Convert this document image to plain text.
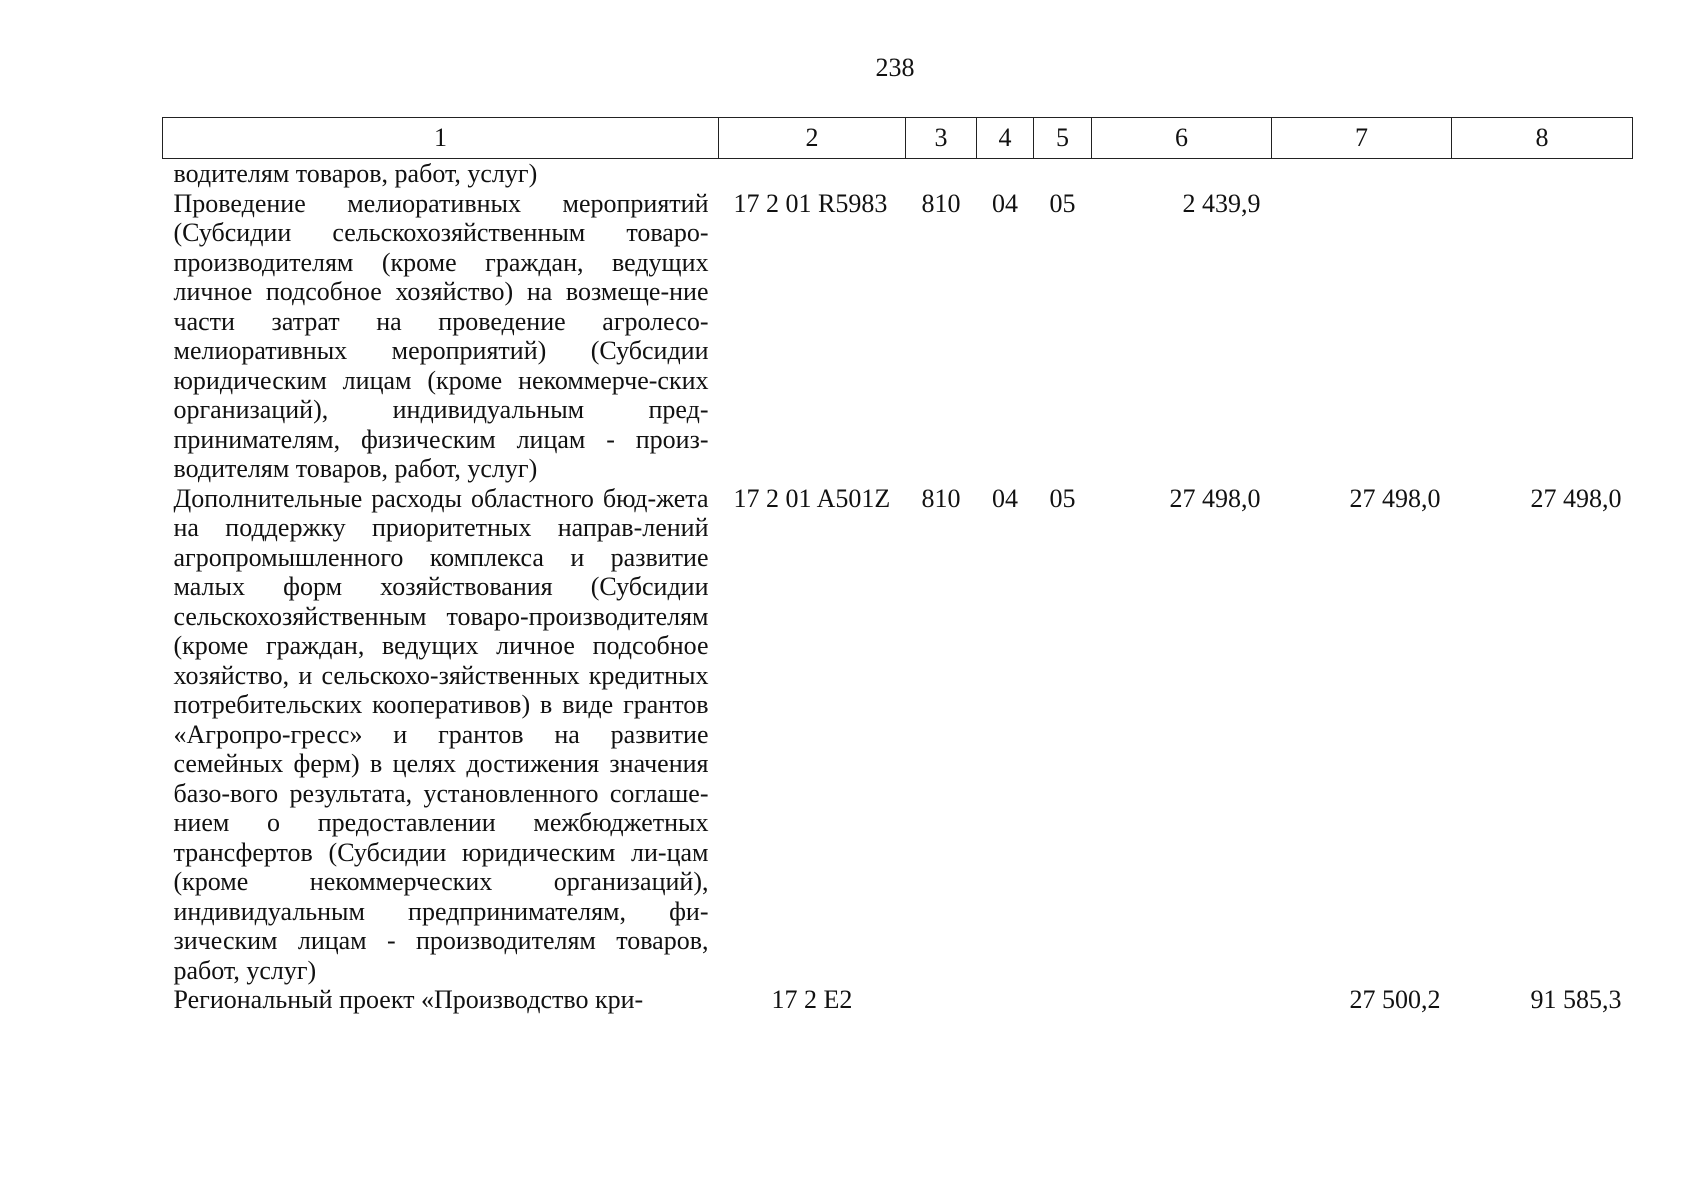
238
1	2	3	4	5	6	7	8
водителям товаров, работ, услуг)							
Проведение мелиоративных мероприятий (Субсидии сельскохозяйственным товаро-производителям (кроме граждан, ведущих личное подсобное хозяйство) на возмеще-ние части затрат на проведение агролесо-мелиоративных мероприятий) (Субсидии юридическим лицам (кроме некоммерче-ских организаций), индивидуальным пред-принимателям, физическим лицам - произ-водителям товаров, работ, услуг)	17 2 01 R5983	810	04	05	2 439,9		
Дополнительные расходы областного бюд-жета на поддержку приоритетных направ-лений агропромышленного комплекса и развитие малых форм хозяйствования (Субсидии сельскохозяйственным товаро-производителям (кроме граждан, ведущих личное подсобное хозяйство, и сельскохо-зяйственных кредитных потребительских кооперативов) в виде грантов «Агропро-гресс» и грантов на развитие семейных ферм) в целях достижения значения базо-вого результата, установленного соглаше-нием о предоставлении межбюджетных трансфертов (Субсидии юридическим ли-цам (кроме некоммерческих организаций), индивидуальным предпринимателям, фи-зическим лицам - производителям товаров, работ, услуг)	17 2 01 A501Z	810	04	05	27 498,0	27 498,0	27 498,0
Региональный проект «Производство кри-	17 2 E2					27 500,2	91 585,3
